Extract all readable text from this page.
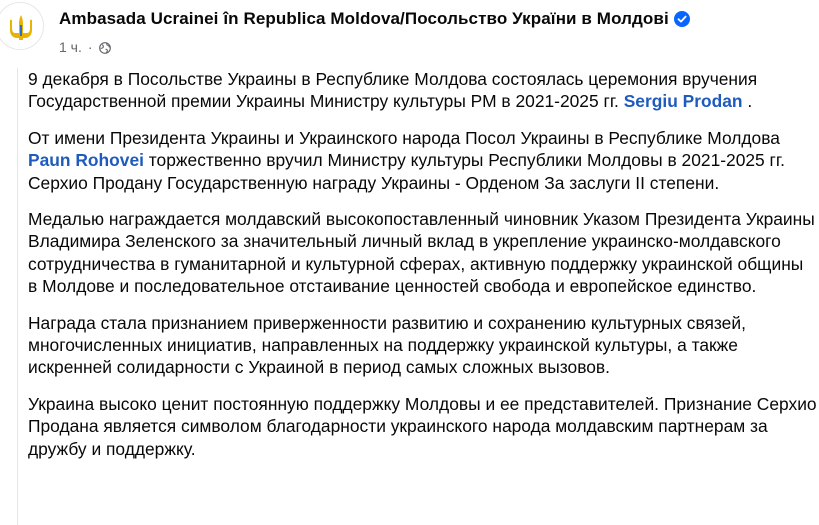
Ambasada Ucrainei în Republica Moldova/Посольство України в Молдові
1 ч. ·

9 декабря в Посольстве Украины в Республике Молдова состоялась церемония вручения Государственной премии Украины Министру культуры РМ в 2021-2025 гг. Sergiu Prodan .

От имени Президента Украины и Украинского народа Посол Украины в Республике Молдова Paun Rohovei торжественно вручил Министру культуры Республики Молдовы в 2021-2025 гг. Серхио Продану Государственную награду Украины - Орденом За заслуги II степени.

Медалью награждается молдавский высокопоставленный чиновник Указом Президента Украины Владимира Зеленского за значительный личный вклад в укрепление украинско-молдавского сотрудничества в гуманитарной и культурной сферах, активную поддержку украинской общины в Молдове и последовательное отстаивание ценностей свобода и европейское единство.

Награда стала признанием приверженности развитию и сохранению культурных связей, многочисленных инициатив, направленных на поддержку украинской культуры, а также искренней солидарности с Украиной в период самых сложных вызовов.

Украина высоко ценит постоянную поддержку Молдовы и ее представителей. Признание Серхио Продана является символом благодарности украинского народа молдавским партнерам за дружбу и поддержку.
